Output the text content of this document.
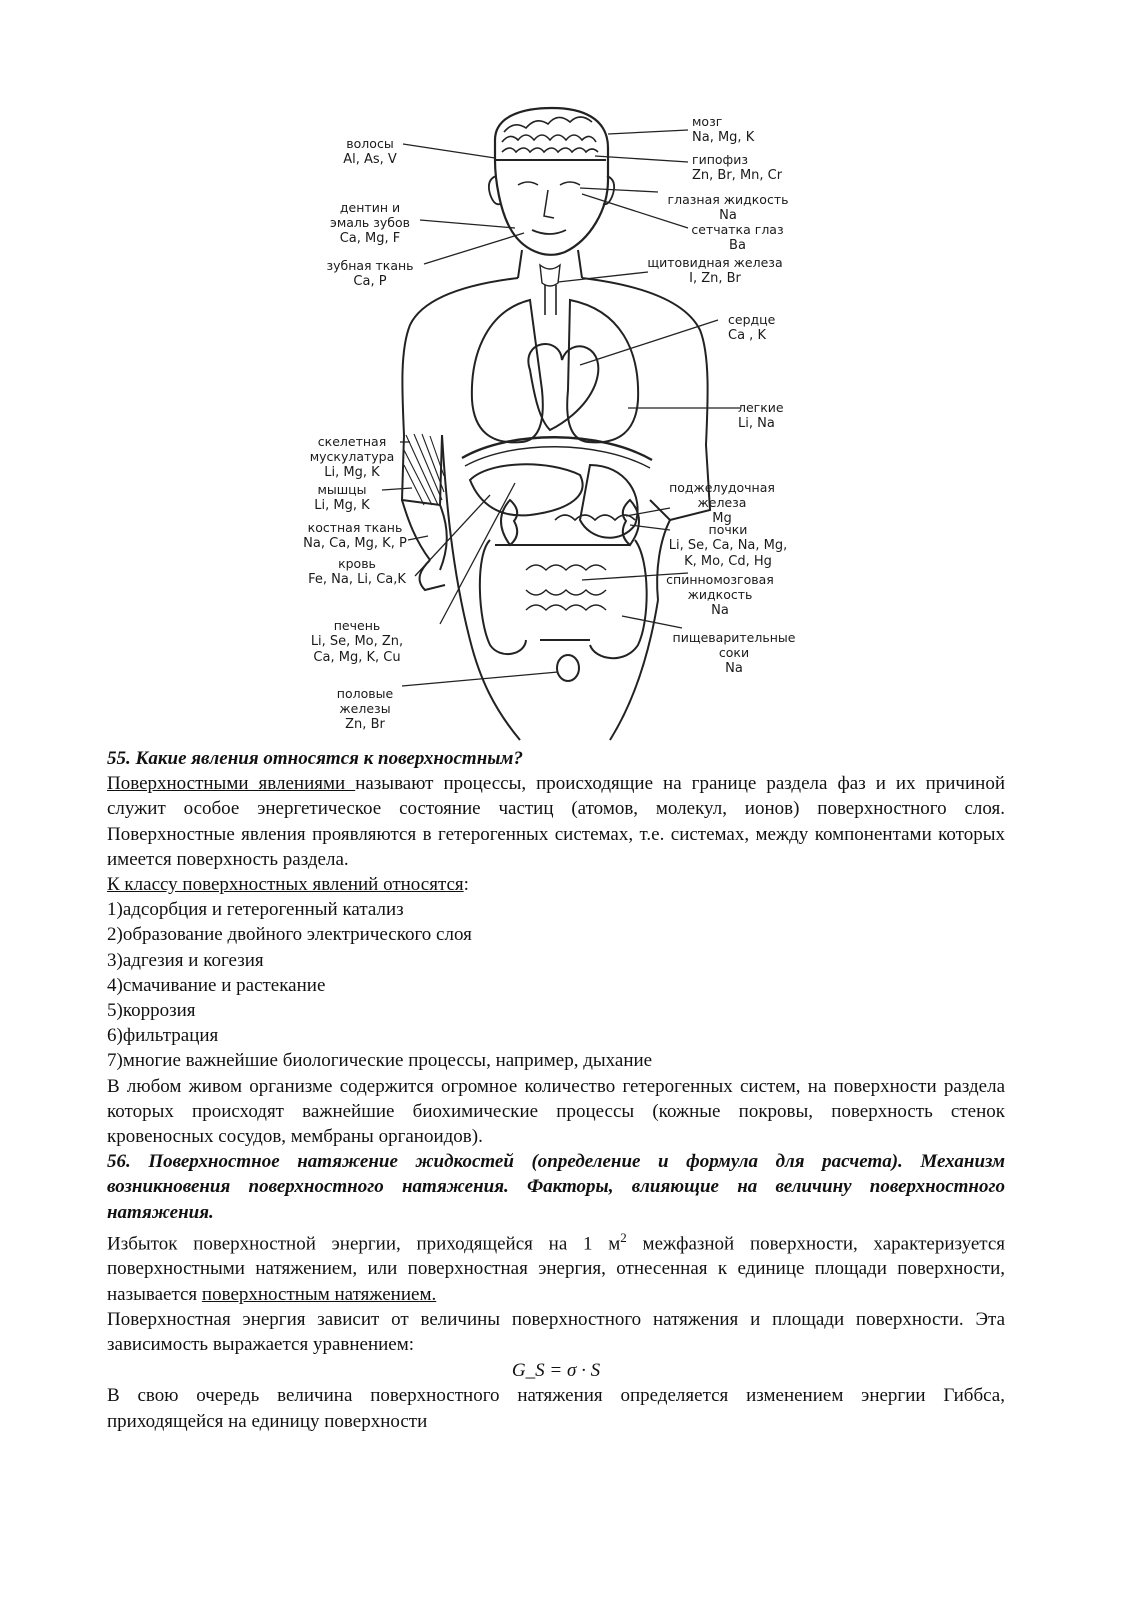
мозг
Na, Mg, K
волосы
Al, As, V	гипофиз
Zn, Br, Mn, Cr
глазная жидкость
Na
дентин и
эмаль зубов
Ca, Mg, F
сетчатка глаз
Ba
зубная ткань
Ca, P
щитовидная железа
I, Zn, Br
сердце
Ca , K
легкие
Li, Na
скелетная
мускулатура
Li, Mg, K
мышцы
Li, Mg, K
поджелудочная
железа
Mg
костная ткань
Na, Ca, Mg, K, P
почки
Li, Se, Ca, Na, Mg,
K, Mo, Cd, Hg
кровь
Fe, Na, Li, Ca,K	спинномозговая
жидкость
Na
печень
Li, Se, Mo, Zn,
Ca, Mg, K, Cu
пищеварительные
соки
Na
половые
железы
Zn, Br

55. Какие явления относятся к поверхностным?

Поверхностными явлениями называют процессы, происходящие на границе раздела фаз и их причиной служит особое энергетическое состояние частиц (атомов, молекул, ионов) поверхностного слоя. Поверхностные явления проявляются в гетерогенных системах, т.е. системах, между компонентами которых имеется поверхность раздела.

К классу поверхностных явлений относятся:

1)адсорбция и гетерогенный катализ

2)образование двойного электрического слоя

3)адгезия и когезия

4)смачивание и растекание

5)коррозия

6)фильтрация

7)многие важнейшие биологические процессы, например, дыхание

В любом живом организме содержится огромное количество гетерогенных систем, на поверхности раздела которых происходят важнейшие биохимические процессы (кожные покровы, поверхность стенок кровеносных сосудов, мембраны органоидов).

56. Поверхностное натяжение жидкостей (определение и формула для расчета). Механизм возникновения поверхностного натяжения. Факторы, влияющие на величину поверхностного натяжения.

Избыток поверхностной энергии, приходящейся на 1 $м^2$ межфазной поверхности, характеризуется поверхностными натяжением, или поверхностная энергия, отнесенная к единице площади поверхности, называется поверхностным натяжением.

Поверхностная энергия зависит от величины поверхностного натяжения и площади поверхности. Эта зависимость выражается уравнением:

G_S = σ · S

В свою очередь величина поверхностного натяжения определяется изменением энергии Гиббса, приходящейся на единицу поверхности
